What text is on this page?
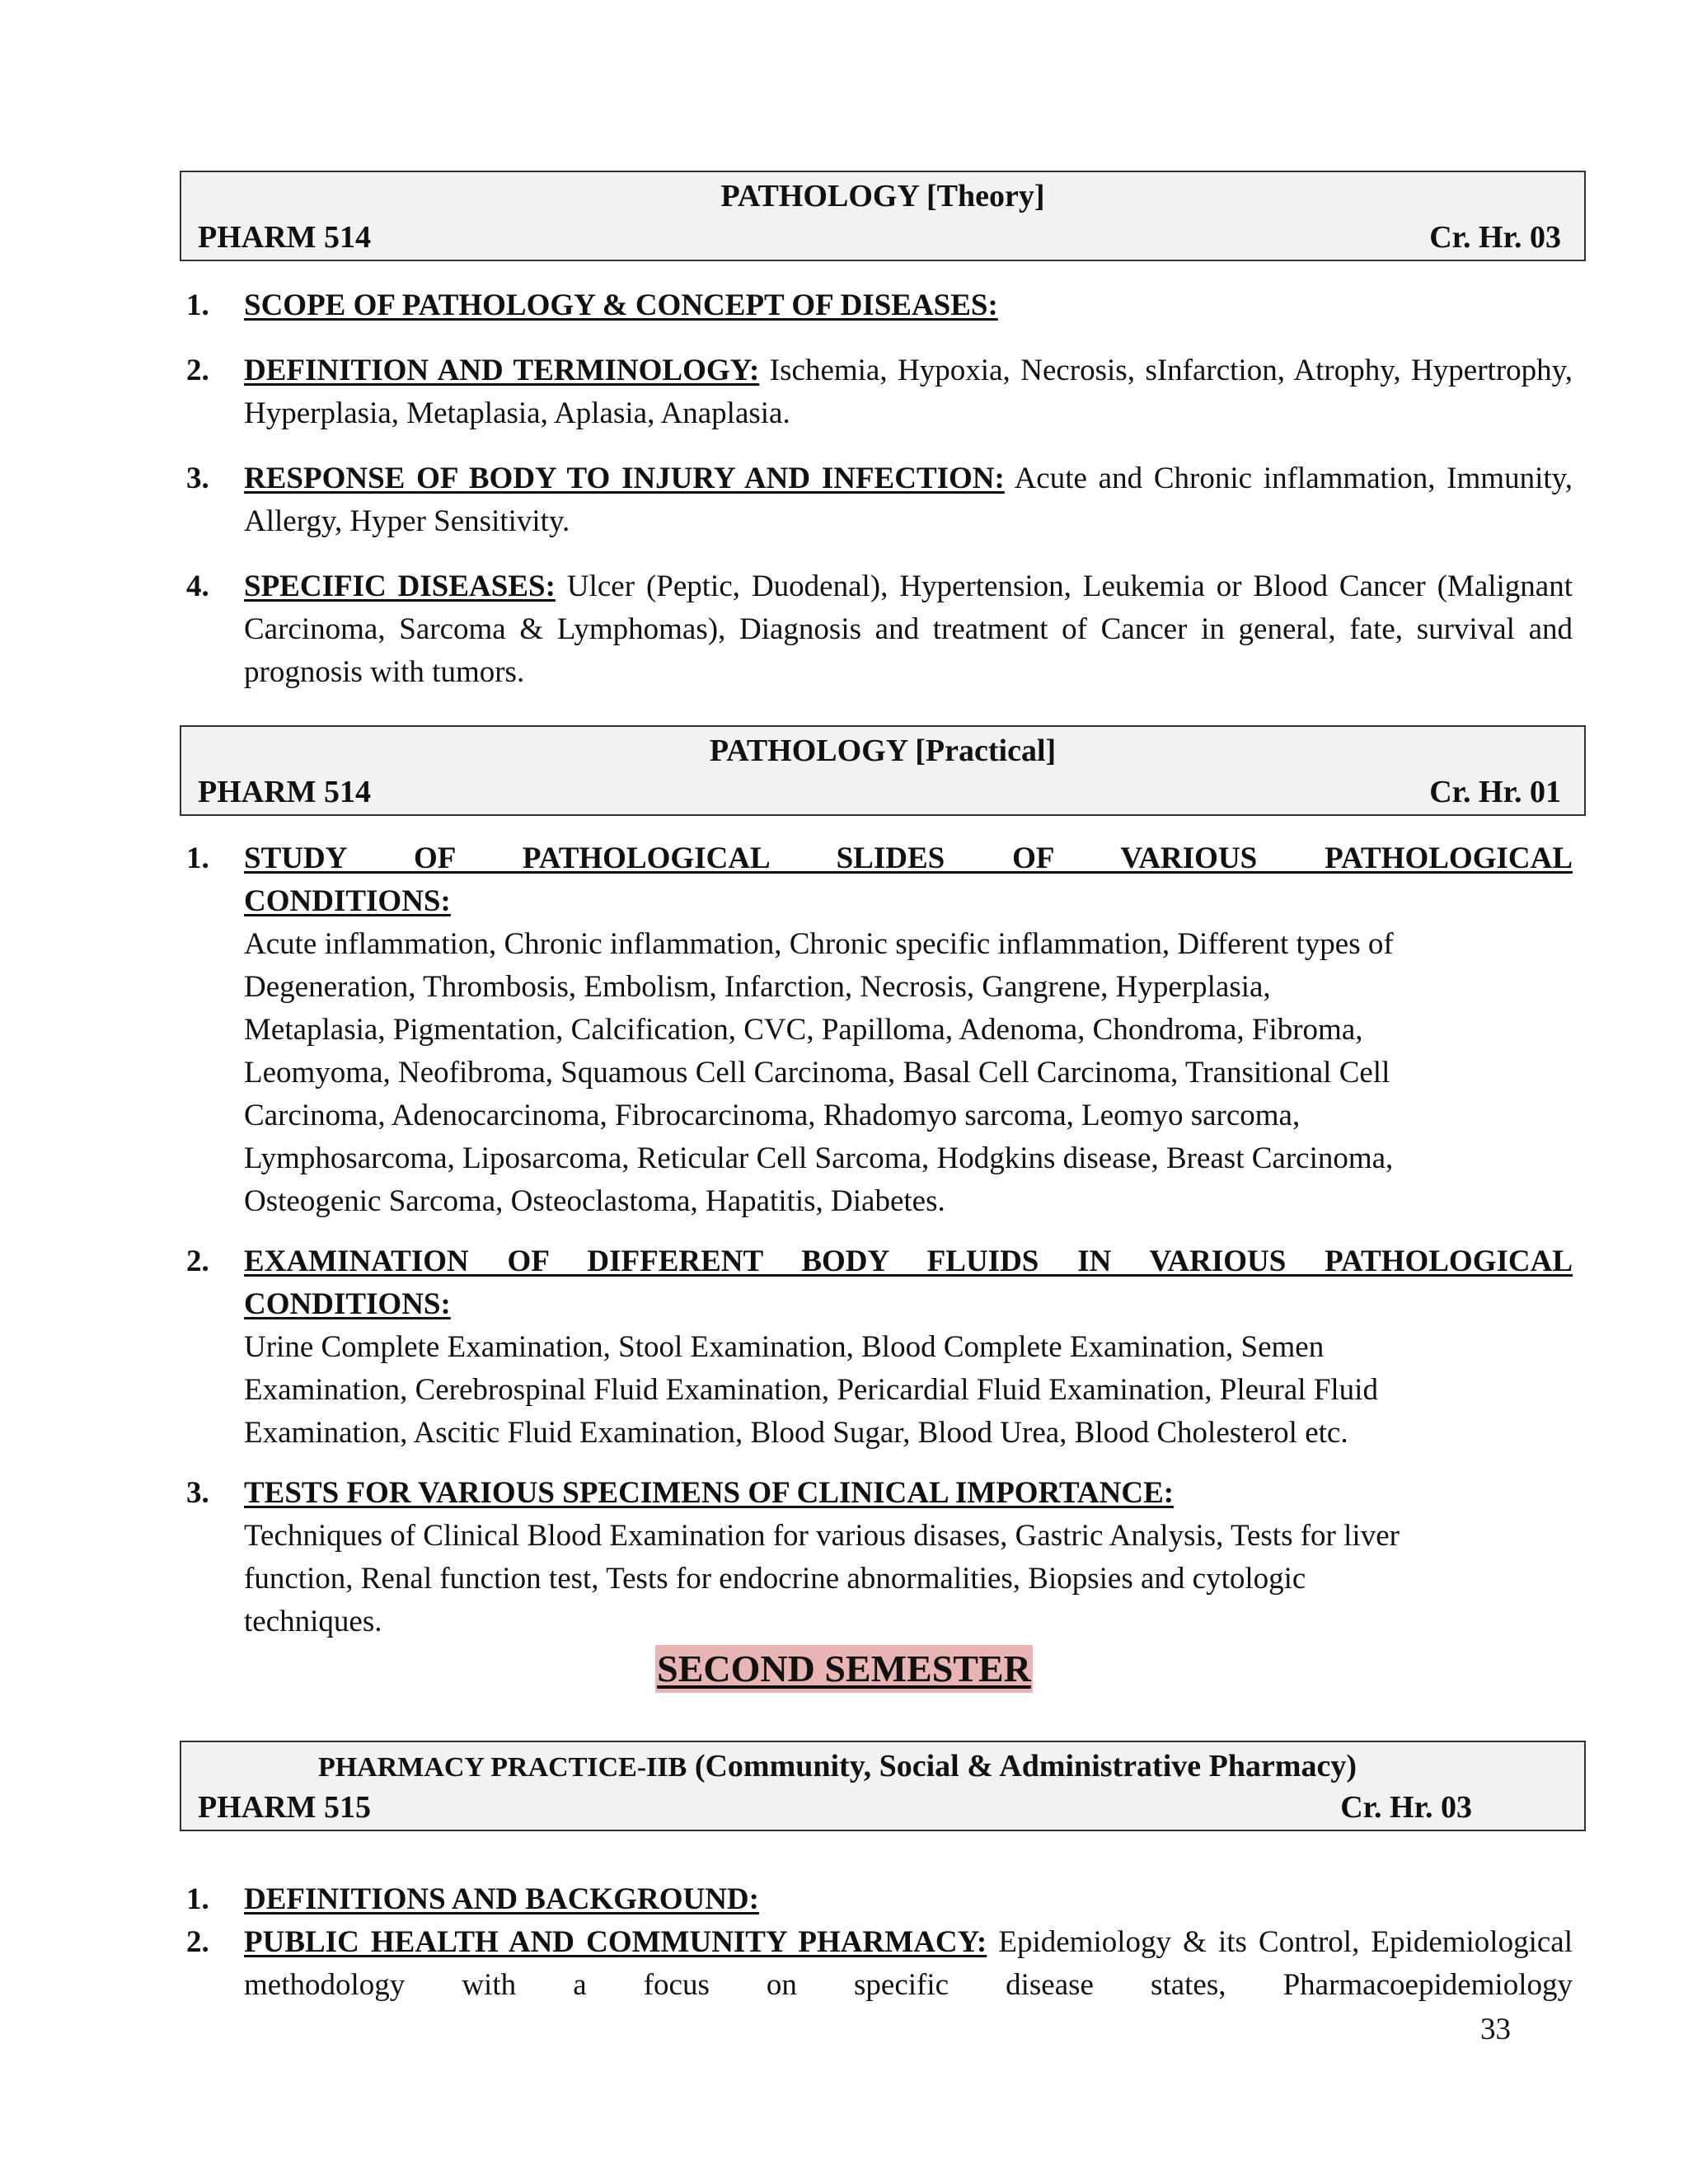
PATHOLOGY [Theory]
PHARM 514	Cr. Hr. 03
1. SCOPE OF PATHOLOGY & CONCEPT OF DISEASES:
2. DEFINITION AND TERMINOLOGY: Ischemia, Hypoxia, Necrosis, sInfarction, Atrophy, Hypertrophy, Hyperplasia, Metaplasia, Aplasia, Anaplasia.
3. RESPONSE OF BODY TO INJURY AND INFECTION: Acute and Chronic inflammation, Immunity, Allergy, Hyper Sensitivity.
4. SPECIFIC DISEASES: Ulcer (Peptic, Duodenal), Hypertension, Leukemia or Blood Cancer (Malignant Carcinoma, Sarcoma & Lymphomas), Diagnosis and treatment of Cancer in general, fate, survival and prognosis with tumors.
PATHOLOGY [Practical]
PHARM 514	Cr. Hr. 01
1. STUDY OF PATHOLOGICAL SLIDES OF VARIOUS PATHOLOGICAL
CONDITIONS:
Acute inflammation, Chronic inflammation, Chronic specific inflammation, Different types of
Degeneration, Thrombosis, Embolism, Infarction, Necrosis, Gangrene, Hyperplasia,
Metaplasia, Pigmentation, Calcification, CVC, Papilloma, Adenoma, Chondroma, Fibroma,
Leomyoma, Neofibroma, Squamous Cell Carcinoma, Basal Cell Carcinoma, Transitional Cell
Carcinoma, Adenocarcinoma, Fibrocarcinoma, Rhadomyo sarcoma, Leomyo sarcoma,
Lymphosarcoma, Liposarcoma, Reticular Cell Sarcoma, Hodgkins disease, Breast Carcinoma,
Osteogenic Sarcoma, Osteoclastoma, Hapatitis, Diabetes.
2. EXAMINATION OF DIFFERENT BODY FLUIDS IN VARIOUS PATHOLOGICAL
CONDITIONS:
Urine Complete Examination, Stool Examination, Blood Complete Examination, Semen
Examination, Cerebrospinal Fluid Examination, Pericardial Fluid Examination, Pleural Fluid
Examination, Ascitic Fluid Examination, Blood Sugar, Blood Urea, Blood Cholesterol etc.
3. TESTS FOR VARIOUS SPECIMENS OF CLINICAL IMPORTANCE:
Techniques of Clinical Blood Examination for various disases, Gastric Analysis, Tests for liver
function, Renal function test, Tests for endocrine abnormalities, Biopsies and cytologic
techniques.
SECOND SEMESTER
PHARMACY PRACTICE-IIB (Community, Social & Administrative Pharmacy)
PHARM 515	Cr. Hr. 03
1. DEFINITIONS AND BACKGROUND:
2. PUBLIC HEALTH AND COMMUNITY PHARMACY: Epidemiology & its Control, Epidemiological methodology with a focus on specific disease states, Pharmacoepidemiology
33
